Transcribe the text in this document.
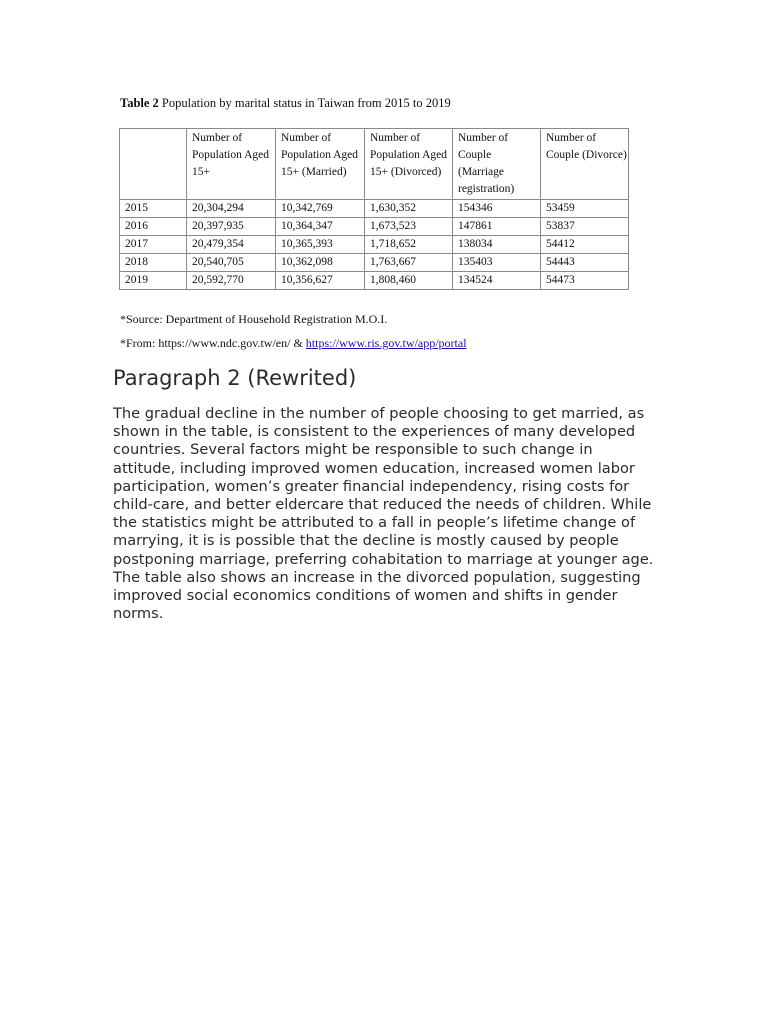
Table 2 Population by marital status in Taiwan from 2015 to 2019
	Number of Population Aged 15+	Number of Population Aged 15+ (Married)	Number of Population Aged 15+ (Divorced)	Number of Couple (Marriage registration)	Number of Couple (Divorce)
2015	20,304,294	10,342,769	1,630,352	154346	53459
2016	20,397,935	10,364,347	1,673,523	147861	53837
2017	20,479,354	10,365,393	1,718,652	138034	54412
2018	20,540,705	10,362,098	1,763,667	135403	54443
2019	20,592,770	10,356,627	1,808,460	134524	54473
*Source: Department of Household Registration M.O.I.
*From: https://www.ndc.gov.tw/en/ & https://www.ris.gov.tw/app/portal
Paragraph 2 (Rewrited)

The gradual decline in the number of people choosing to get married, as shown in the table, is consistent to the experiences of many developed countries. Several factors might be responsible to such change in attitude, including improved women education, increased women labor participation, women’s greater financial independency, rising costs for child-care, and better eldercare that reduced the needs of children. While the statistics might be attributed to a fall in people’s lifetime change of marrying, it is is possible that the decline is mostly caused by people postponing marriage, preferring cohabitation to marriage at younger age. The table also shows an increase in the divorced population, suggesting improved social economics conditions of women and shifts in gender norms.
